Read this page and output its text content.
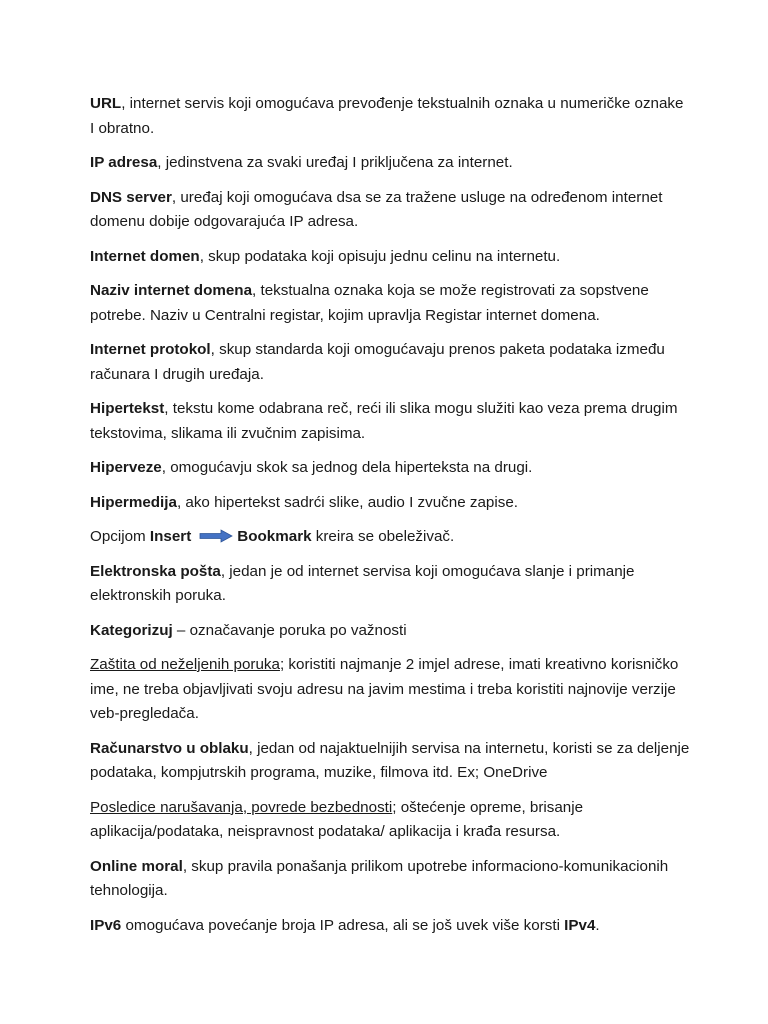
URL, internet servis koji omogućava prevođenje tekstualnih oznaka u numeričke oznake I obratno.

IP adresa, jedinstvena za svaki uređaj I priključena za internet.

DNS server, uređaj koji omogućava dsa se za tražene usluge na određenom internet domenu dobije odgovarajuća IP adresa.

Internet domen, skup podataka koji opisuju jednu celinu na internetu.

Naziv internet domena, tekstualna oznaka koja se može registrovati za sopstvene potrebe. Naziv u Centralni registar, kojim upravlja Registar internet domena.

Internet protokol, skup standarda koji omogućavaju prenos paketa podataka između računara I drugih uređaja.

Hipertekst, tekstu kome odabrana reč, reći ili slika mogu služiti kao veza prema drugim tekstovima, slikama ili zvučnim zapisima.

Hiperveze, omogućavju skok sa jednog dela hiperteksta na drugi.

Hipermedija, ako hipertekst sadrći slike, audio I zvučne zapise.

Opcijom Insert	Bookmark kreira se obeleživač.

Elektronska pošta, jedan je od internet servisa koji omogućava slanje i primanje elektronskih poruka.

Kategorizuj – označavanje poruka po važnosti

Zaštita od neželjenih poruka; koristiti najmanje 2 imjel adrese, imati kreativno korisničko ime, ne treba objavljivati svoju adresu na javim mestima i treba koristiti najnovije verzije veb-pregledača.

Računarstvo u oblaku, jedan od najaktuelnijih servisa na internetu, koristi se za deljenje podataka, kompjutrskih programa, muzike, filmova itd. Ex; OneDrive

Posledice narušavanja, povrede bezbednosti; oštećenje opreme, brisanje aplikacija/podataka, neispravnost podataka/ aplikacija i krađa resursa.

Online moral, skup pravila ponašanja prilikom upotrebe informaciono-komunikacionih tehnologija.

IPv6 omogućava povećanje broja IP adresa, ali se još uvek više korsti IPv4.
